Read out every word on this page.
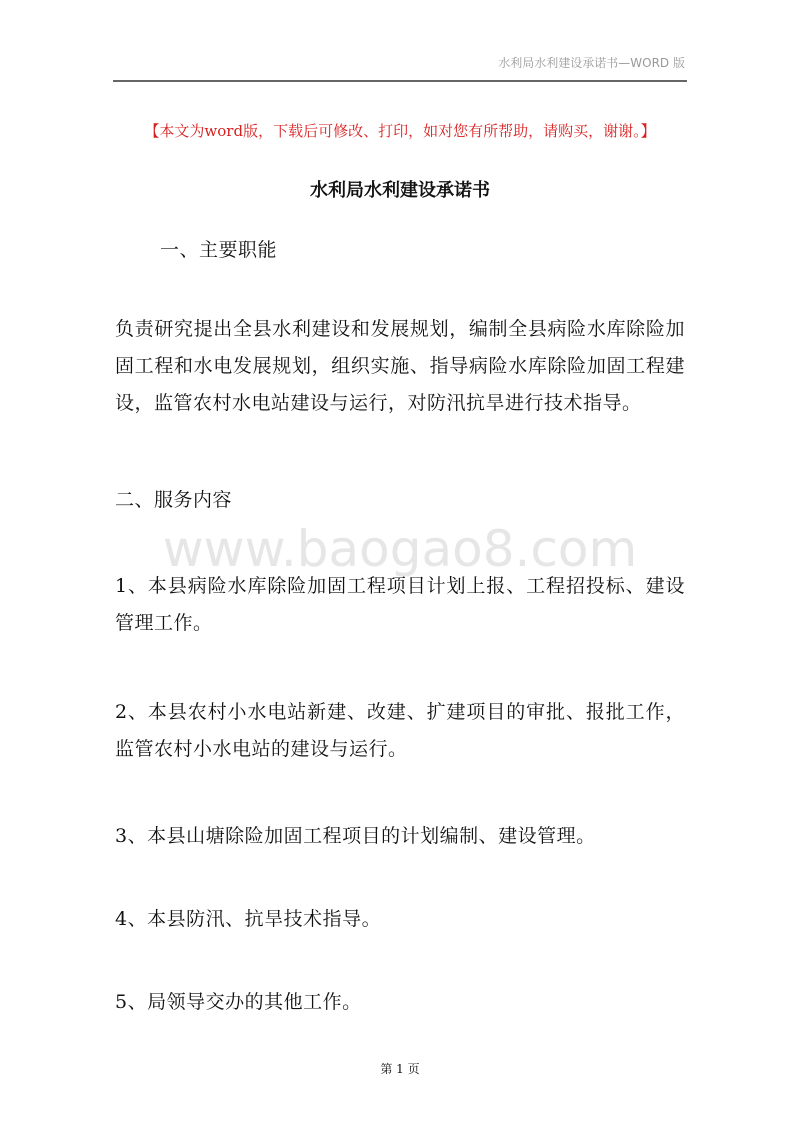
水利局水利建设承诺书—WORD 版
【本文为word版，下载后可修改、打印，如对您有所帮助，请购买，谢谢。】
水利局水利建设承诺书
一、主要职能
负责研究提出全县水利建设和发展规划，编制全县病险水库除险加固工程和水电发展规划，组织实施、指导病险水库除险加固工程建设，监管农村水电站建设与运行，对防汛抗旱进行技术指导。
二、服务内容
www.baogao8.com
1、本县病险水库除险加固工程项目计划上报、工程招投标、建设管理工作。
2、本县农村小水电站新建、改建、扩建项目的审批、报批工作，监管农村小水电站的建设与运行。
3、本县山塘除险加固工程项目的计划编制、建设管理。
4、本县防汛、抗旱技术指导。
5、局领导交办的其他工作。
第 1 页
